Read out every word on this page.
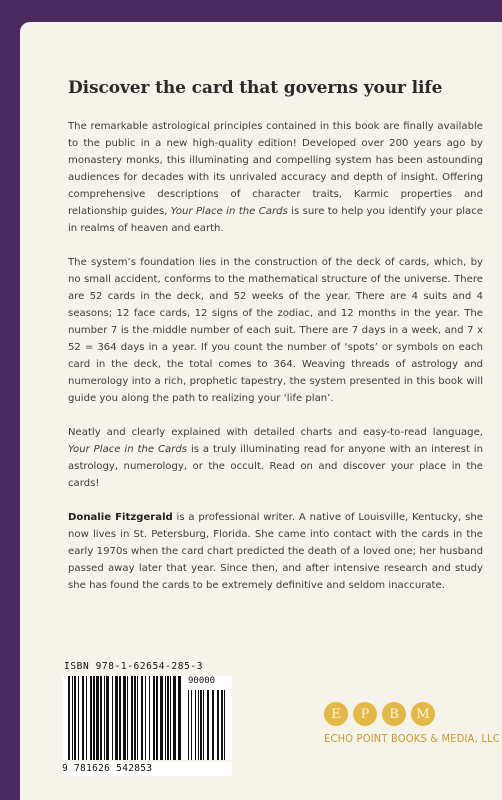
Discover the card that governs your life

The remarkable astrological principles contained in this book are finally available to the public in a new high-quality edition! Developed over 200 years ago by monastery monks, this illuminating and compelling system has been astounding audiences for decades with its unrivaled accuracy and depth of insight. Offering comprehensive descriptions of character traits, Karmic properties and relationship guides, Your Place in the Cards is sure to help you identify your place in realms of heaven and earth.

The system’s foundation lies in the construction of the deck of cards, which, by no small accident, conforms to the mathematical structure of the universe. There are 52 cards in the deck, and 52 weeks of the year. There are 4 suits and 4 seasons; 12 face cards, 12 signs of the zodiac, and 12 months in the year. The number 7 is the middle number of each suit. There are 7 days in a week, and 7 x 52 = 364 days in a year. If you count the number of ‘spots’ or symbols on each card in the deck, the total comes to 364. Weaving threads of astrology and numerology into a rich, prophetic tapestry, the system presented in this book will guide you along the path to realizing your ‘life plan’.

Neatly and clearly explained with detailed charts and easy-to-read language, Your Place in the Cards is a truly illuminating read for anyone with an interest in astrology, numerology, or the occult. Read on and discover your place in the cards!

Donalie Fitzgerald is a professional writer. A native of Louisville, Kentucky, she now lives in St. Petersburg, Florida. She came into contact with the cards in the early 1970s when the card chart predicted the death of a loved one; her husband passed away later that year. Since then, and after intensive research and study she has found the cards to be extremely definitive and seldom inaccurate.

ISBN 978-1-62654-285-3
90000
9 781626 542853
E	P	B	M
ECHO POINT BOOKS & MEDIA, LLC
